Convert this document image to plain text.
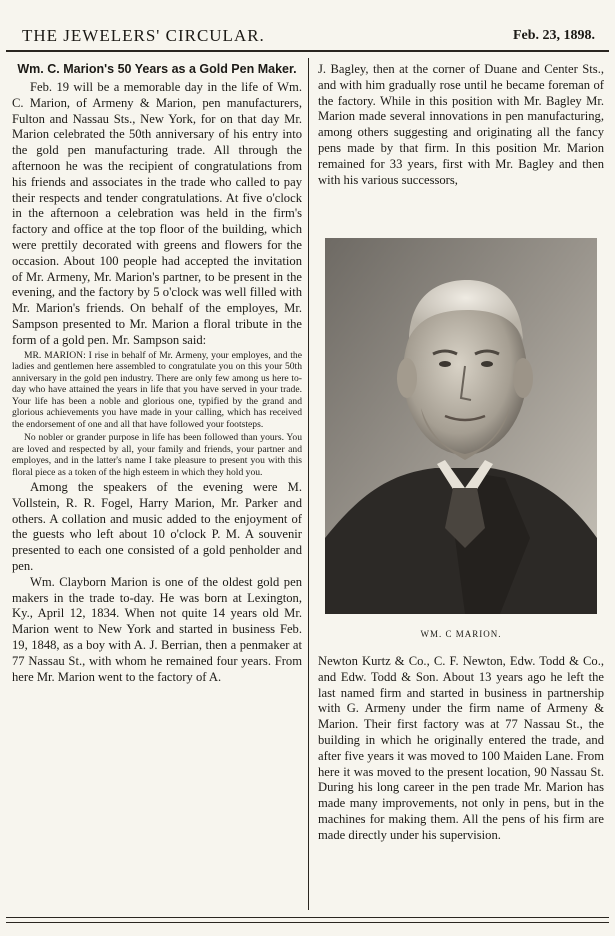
THE JEWELERS' CIRCULAR.	Feb. 23, 1898.
Wm. C. Marion's 50 Years as a Gold Pen Maker.

Feb. 19 will be a memorable day in the life of Wm. C. Marion, of Armeny & Marion, pen manufacturers, Fulton and Nassau Sts., New York, for on that day Mr. Marion celebrated the 50th anniversary of his entry into the gold pen manufacturing trade. All through the afternoon he was the recipient of congratulations from his friends and associates in the trade who called to pay their respects and tender congratulations. At five o'clock in the afternoon a celebration was held in the firm's factory and office at the top floor of the building, which were prettily decorated with greens and flowers for the occasion. About 100 people had accepted the invitation of Mr. Armeny, Mr. Marion's partner, to be present in the evening, and the factory by 5 o'clock was well filled with Mr. Marion's friends. On behalf of the employes, Mr. Sampson presented to Mr. Marion a floral tribute in the form of a gold pen. Mr. Sampson said:

MR. MARION: I rise in behalf of Mr. Armeny, your employes, and the ladies and gentlemen here assembled to congratulate you on this your 50th anniversary in the gold pen industry. There are only few among us here to-day who have attained the years in life that you have served in your trade. Your life has been a noble and glorious one, typified by the grand and glorious achievements you have made in your calling, which has received the endorsement of one and all that have followed your footsteps.

No nobler or grander purpose in life has been followed than yours. You are loved and respected by all, your family and friends, your partner and employes, and in the latter's name I take pleasure to present you with this floral piece as a token of the high esteem in which they hold you.

Among the speakers of the evening were M. Vollstein, R. R. Fogel, Harry Marion, Mr. Parker and others. A collation and music added to the enjoyment of the guests who left about 10 o'clock P. M. A souvenir presented to each one consisted of a gold penholder and pen.

Wm. Clayborn Marion is one of the oldest gold pen makers in the trade to-day. He was born at Lexington, Ky., April 12, 1834. When not quite 14 years old Mr. Marion went to New York and started in business Feb. 19, 1848, as a boy with A. J. Berrian, then a penmaker at 77 Nassau St., with whom he remained four years. From here Mr. Marion went to the factory of A.

J. Bagley, then at the corner of Duane and Center Sts., and with him gradually rose until he became foreman of the factory. While in this position with Mr. Bagley Mr. Marion made several innovations in pen manufacturing, among others suggesting and originating all the fancy pens made by that firm. In this position Mr. Marion remained for 33 years, first with Mr. Bagley and then with his various successors,

WM. C MARION.

Newton Kurtz & Co., C. F. Newton, Edw. Todd & Co., and Edw. Todd & Son. About 13 years ago he left the last named firm and started in business in partnership with G. Armeny under the firm name of Armeny & Marion. Their first factory was at 77 Nassau St., the building in which he originally entered the trade, and after five years it was moved to 100 Maiden Lane. From here it was moved to the present location, 90 Nassau St. During his long career in the pen trade Mr. Marion has made many improvements, not only in pens, but in the machines for making them. All the pens of his firm are made directly under his supervision.
